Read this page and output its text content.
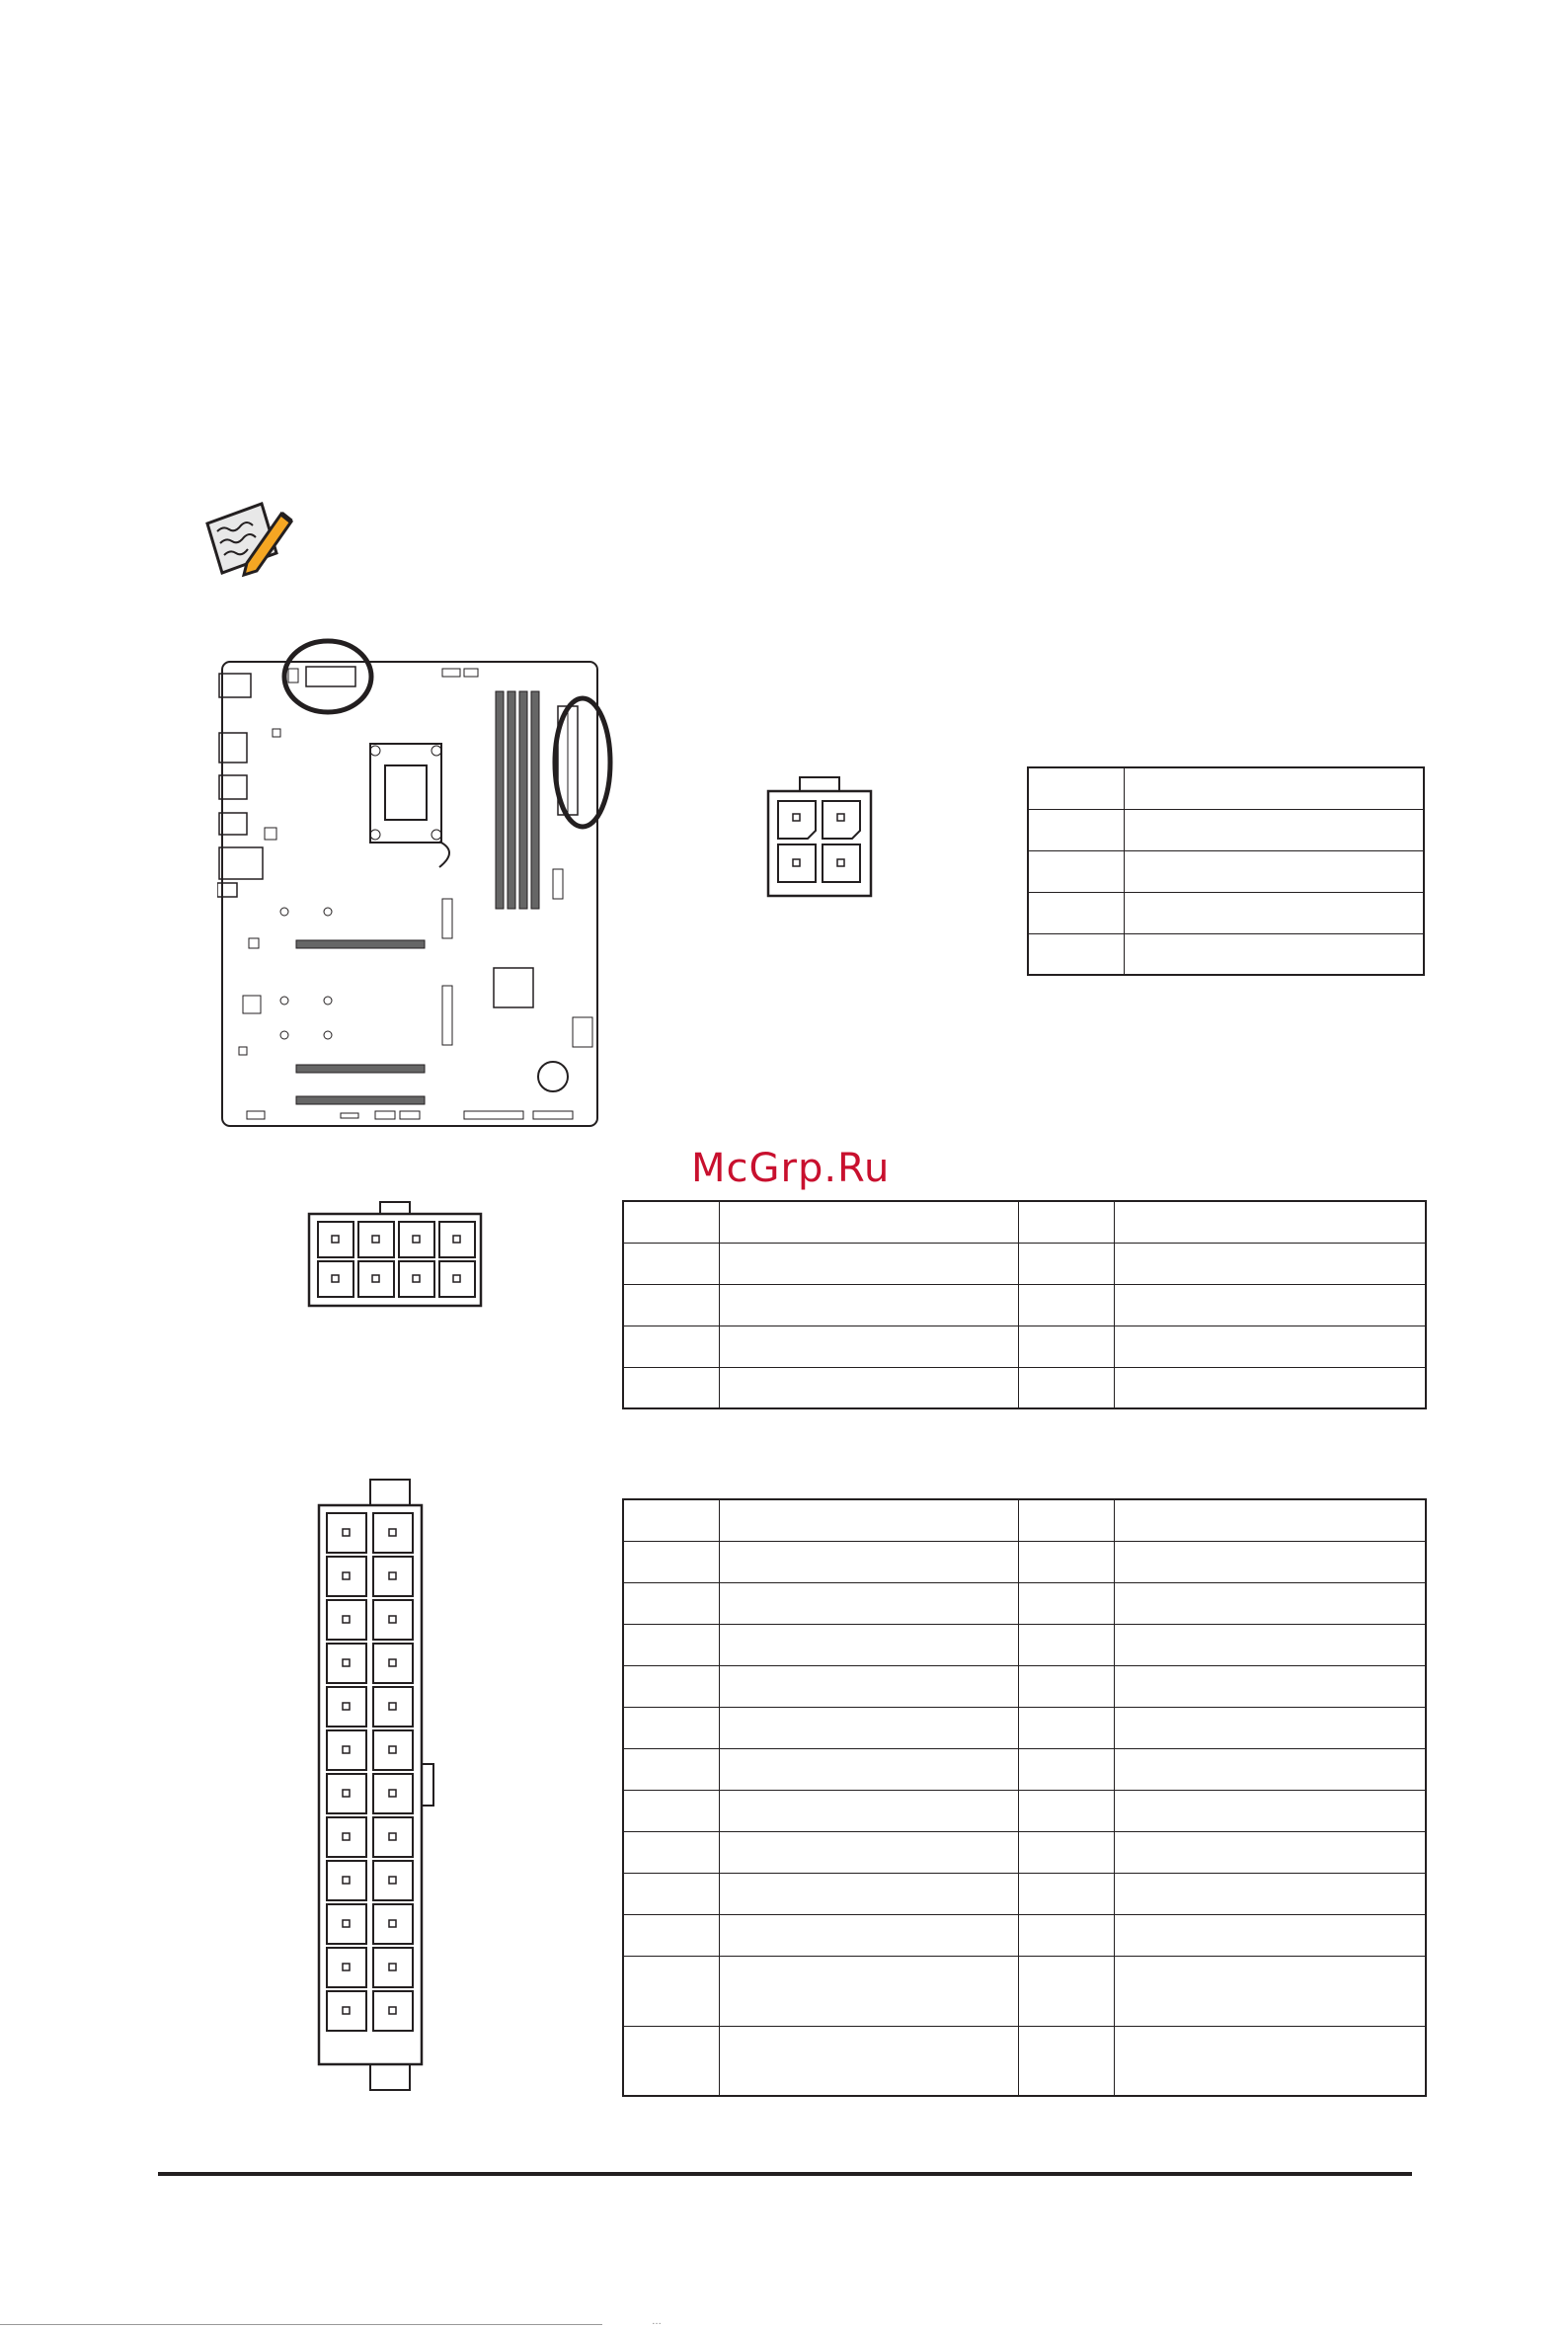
McGrp.Ru

…
